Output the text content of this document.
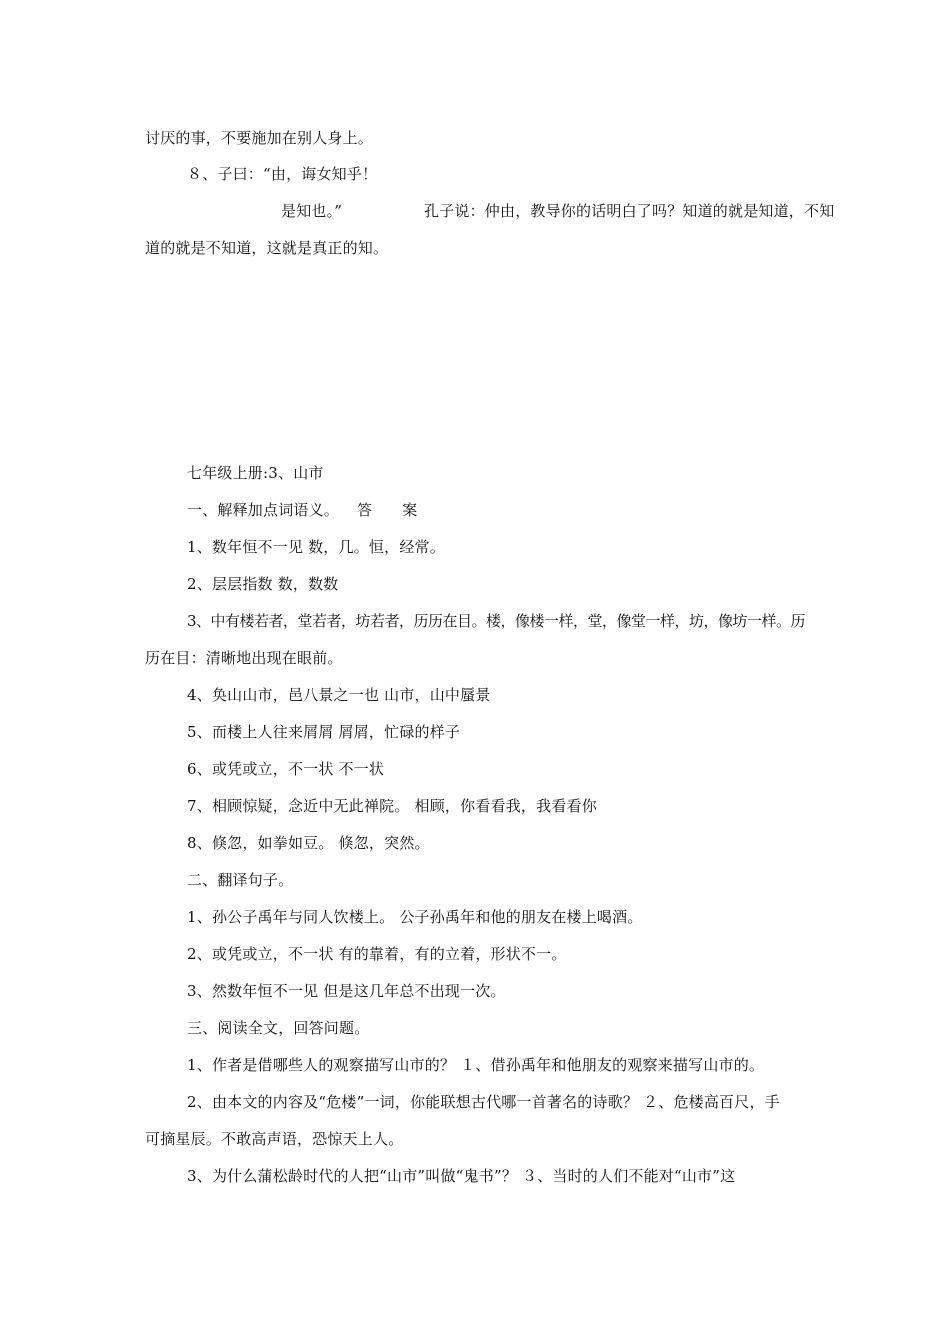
讨厌的事，不要施加在别人身上。
８、子曰：“由，诲女知乎！
是知也。”	孔子说：仲由，教导你的话明白了吗？知道的就是知道，不知
道的就是不知道，这就是真正的知。
七年级上册:3、山市
一、解释加点词语义。 答 案
1、数年恒不一见 数，几。恒，经常。
2、层层指数 数，数数
3、中有楼若者，堂若者，坊若者，历历在目。楼，像楼一样，堂，像堂一样，坊，像坊一样。历
历在目：清晰地出现在眼前。
4、奂山山市，邑八景之一也 山市，山中蜃景
5、而楼上人往来屑屑 屑屑，忙碌的样子
6、或凭或立，不一状 不一状
7、相顾惊疑，念近中无此禅院。 相顾，你看看我，我看看你
8、倏忽，如拳如豆。 倏忽，突然。
二、翻译句子。
1、孙公子禹年与同人饮楼上。 公子孙禹年和他的朋友在楼上喝酒。
2、或凭或立，不一状 有的靠着，有的立着，形状不一。
3、然数年恒不一见 但是这几年总不出现一次。
三、阅读全文，回答问题。
1、作者是借哪些人的观察描写山市的？ １、借孙禹年和他朋友的观察来描写山市的。
2、由本文的内容及“危楼”一词，你能联想古代哪一首著名的诗歌？ ２、危楼高百尺，手
可摘星辰。不敢高声语，恐惊天上人。
3、为什么蒲松龄时代的人把“山市”叫做“鬼书”？ ３、当时的人们不能对“山市”这
